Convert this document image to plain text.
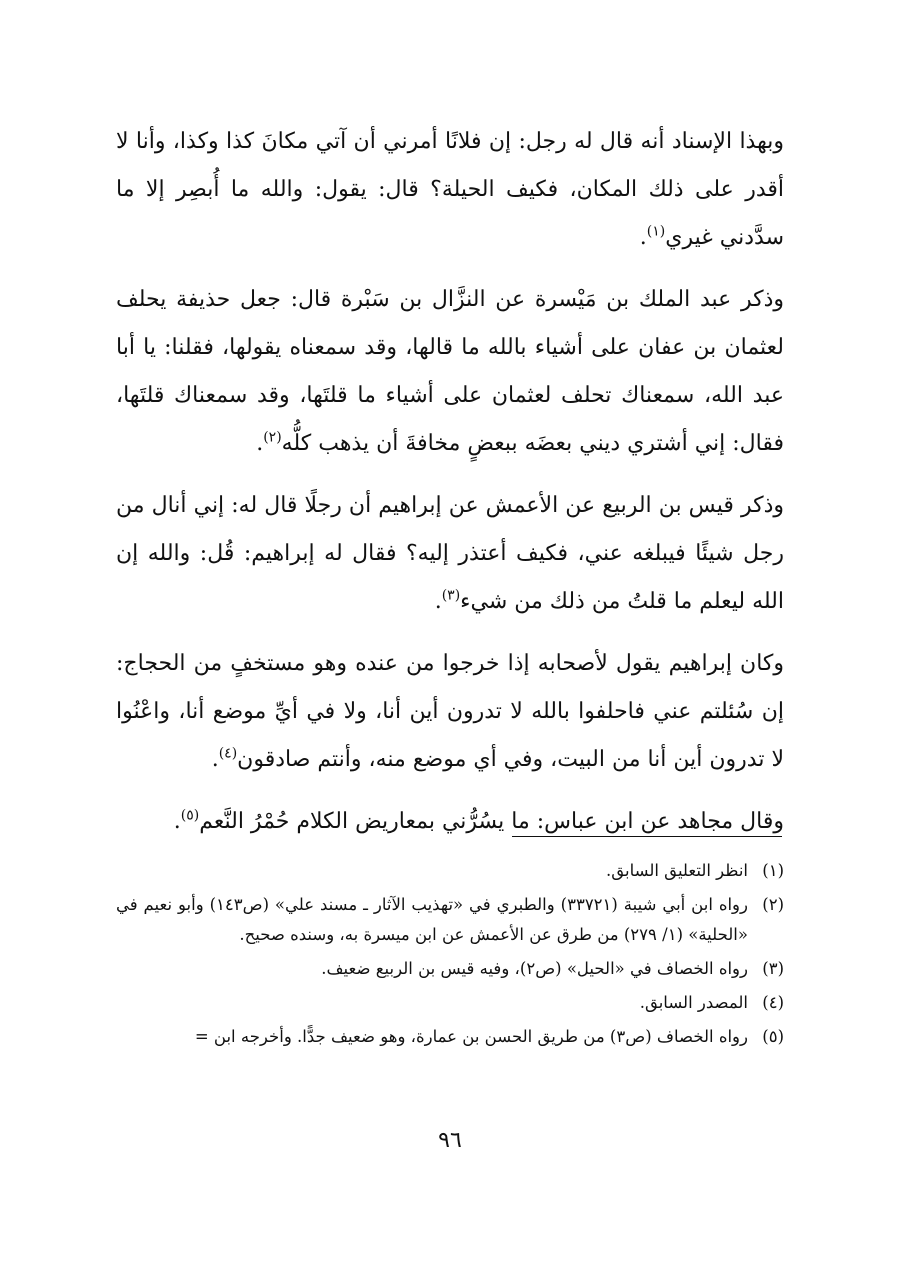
وبهذا الإسناد أنه قال له رجل: إن فلانًا أمرني أن آتي مكانَ كذا وكذا، وأنا لا أقدر على ذلك المكان، فكيف الحيلة؟ قال: يقول: والله ما أُبصِر إلا ما سدَّدني غيري$^{(١)}$.

وذكر عبد الملك بن مَيْسرة عن النزَّال بن سَبْرة قال: جعل حذيفة يحلف لعثمان بن عفان على أشياء بالله ما قالها، وقد سمعناه يقولها، فقلنا: يا أبا عبد الله، سمعناك تحلف لعثمان على أشياء ما قلتَها، وقد سمعناك قلتَها، فقال: إني أشتري ديني بعضَه ببعضٍ مخافةَ أن يذهب كلُّه$^{(٢)}$.

وذكر قيس بن الربيع عن الأعمش عن إبراهيم أن رجلًا قال له: إني أنال من رجل شيئًا فيبلغه عني، فكيف أعتذر إليه؟ فقال له إبراهيم: قُل: والله إن الله ليعلم ما قلتُ من ذلك من شيء$^{(٣)}$.

وكان إبراهيم يقول لأصحابه إذا خرجوا من عنده وهو مستخفٍ من الحجاج: إن سُئلتم عني فاحلفوا بالله لا تدرون أين أنا، ولا في أيِّ موضع أنا، واعْنُوا لا تدرون أين أنا من البيت، وفي أي موضع منه، وأنتم صادقون$^{(٤)}$.

وقال مجاهد عن ابن عباس: ما يسُرُّني بمعاريض الكلام حُمْرُ النَّعم$^{(٥)}$.

(١)
انظر التعليق السابق.
(٢)
رواه ابن أبي شيبة (٣٣٧٢١) والطبري في «تهذيب الآثار ـ مسند علي» (ص١٤٣) وأبو نعيم في «الحلية» (١/ ٢٧٩) من طرق عن الأعمش عن ابن ميسرة به، وسنده صحيح.
(٣)
رواه الخصاف في «الحيل» (ص٢)، وفيه قيس بن الربيع ضعيف.
(٤)
المصدر السابق.
(٥)
رواه الخصاف (ص٣) من طريق الحسن بن عمارة، وهو ضعيف جدًّا. وأخرجه ابن =
٩٦
